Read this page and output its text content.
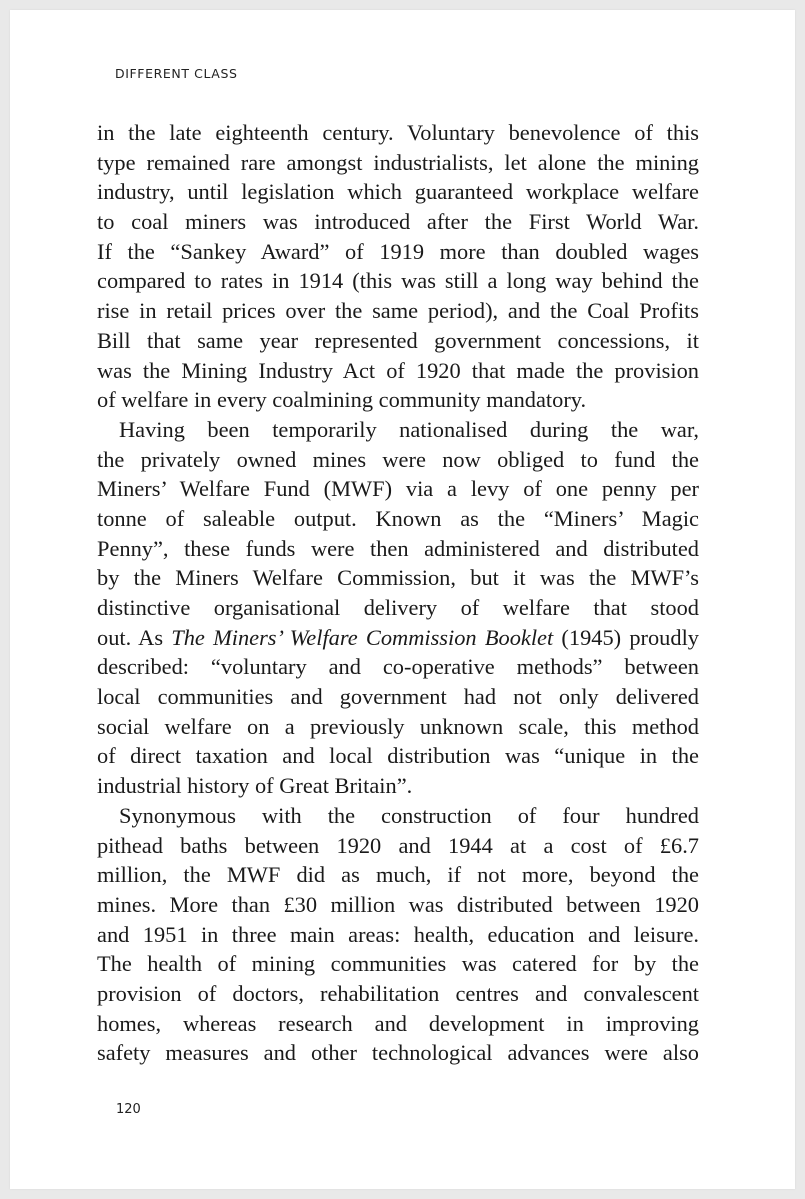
DIFFERENT CLASS
in the late eighteenth century. Voluntary benevolence of this
type remained rare amongst industrialists, let alone the mining
industry, until legislation which guaranteed workplace welfare
to coal miners was introduced after the First World War.
If the “Sankey Award” of 1919 more than doubled wages
compared to rates in 1914 (this was still a long way behind the
rise in retail prices over the same period), and the Coal Profits
Bill that same year represented government concessions, it
was the Mining Industry Act of 1920 that made the provision
of welfare in every coalmining community mandatory.
Having been temporarily nationalised during the war,
the privately owned mines were now obliged to fund the
Miners’ Welfare Fund (MWF) via a levy of one penny per
tonne of saleable output. Known as the “Miners’ Magic
Penny”, these funds were then administered and distributed
by the Miners Welfare Commission, but it was the MWF’s
distinctive organisational delivery of welfare that stood
out. As The Miners’ Welfare Commission Booklet (1945) proudly
described: “voluntary and co-operative methods” between
local communities and government had not only delivered
social welfare on a previously unknown scale, this method
of direct taxation and local distribution was “unique in the
industrial history of Great Britain”.
Synonymous with the construction of four hundred
pithead baths between 1920 and 1944 at a cost of £6.7
million, the MWF did as much, if not more, beyond the
mines. More than £30 million was distributed between 1920
and 1951 in three main areas: health, education and leisure.
The health of mining communities was catered for by the
provision of doctors, rehabilitation centres and convalescent
homes, whereas research and development in improving
safety measures and other technological advances were also
120
